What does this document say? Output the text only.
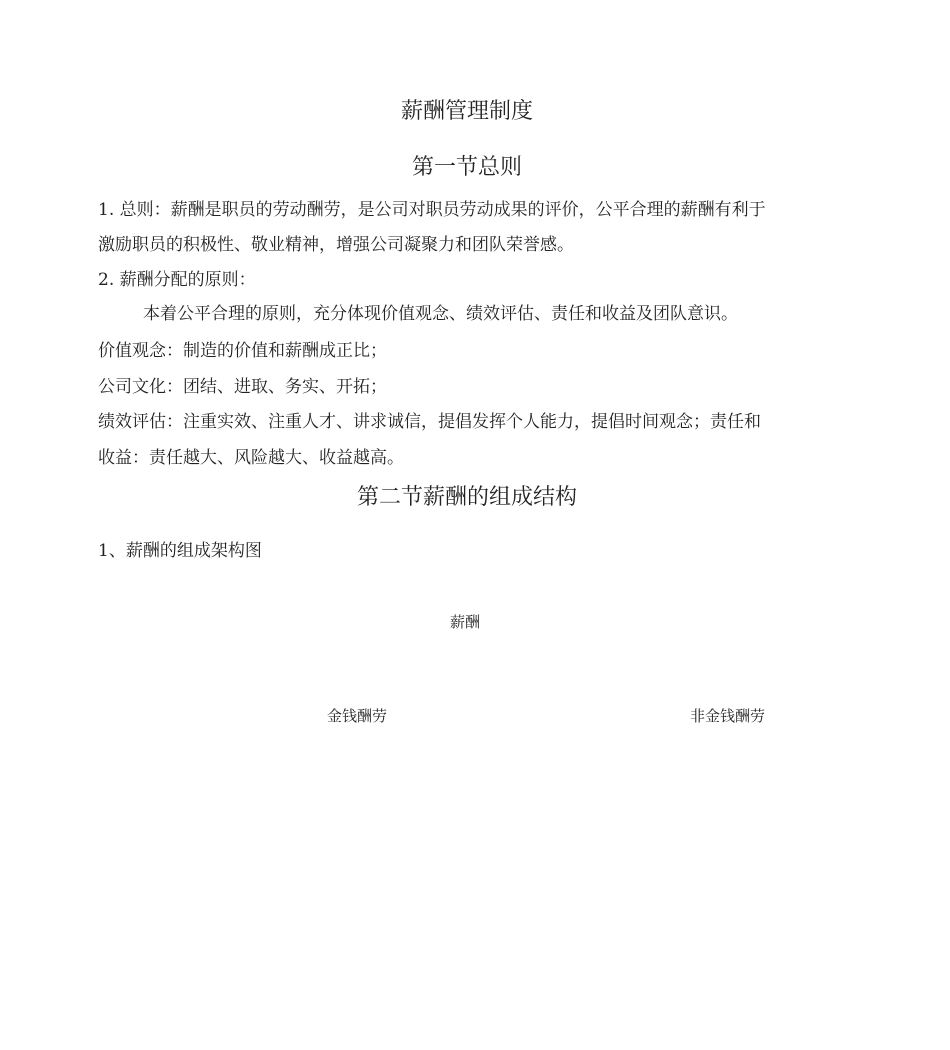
薪酬管理制度
第一节总则
1. 总则：薪酬是职员的劳动酬劳，是公司对职员劳动成果的评价，公平合理的薪酬有利于
激励职员的积极性、敬业精神，增强公司凝聚力和团队荣誉感。
2. 薪酬分配的原则：
本着公平合理的原则，充分体现价值观念、绩效评估、责任和收益及团队意识。
价值观念：制造的价值和薪酬成正比；
公司文化：团结、进取、务实、开拓；
绩效评估：注重实效、注重人才、讲求诚信，提倡发挥个人能力，提倡时间观念；责任和
收益：责任越大、风险越大、收益越高。
第二节薪酬的组成结构
1、薪酬的组成架构图
薪酬
金钱酬劳	非金钱酬劳
